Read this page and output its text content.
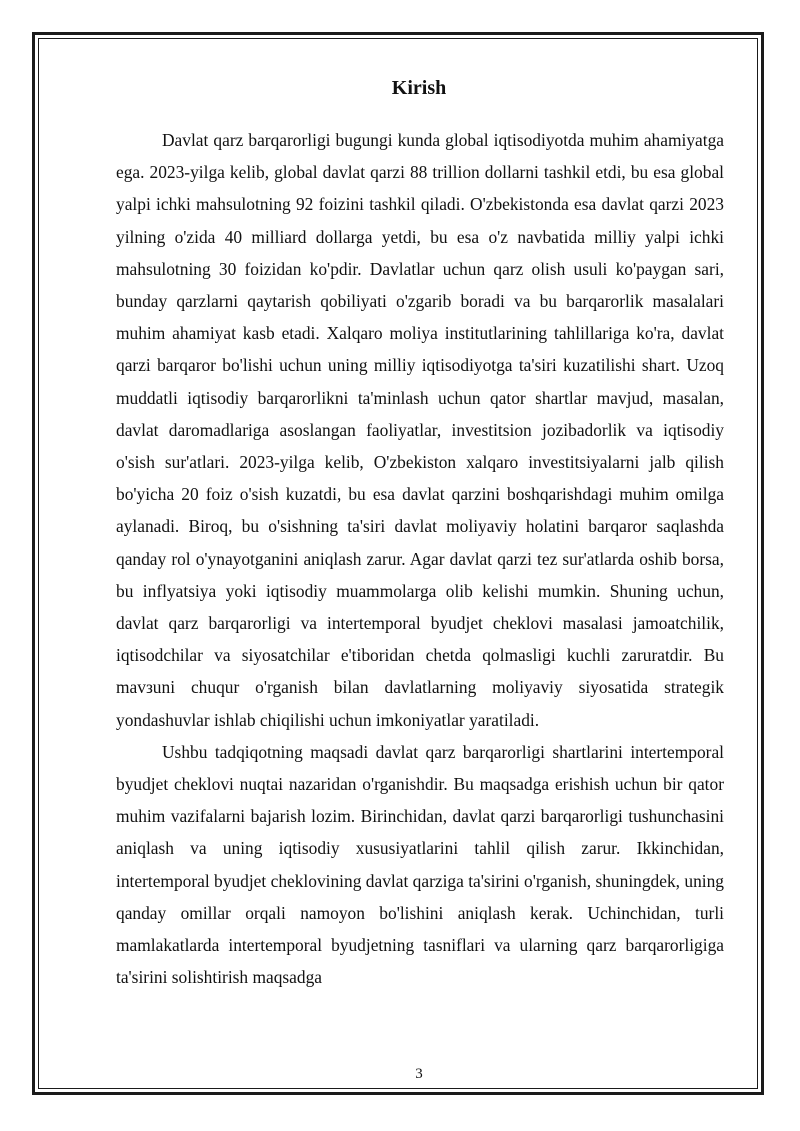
Kirish

Davlat qarz barqarorligi bugungi kunda global iqtisodiyotda muhim ahamiyatga ega. 2023-yilga kelib, global davlat qarzi 88 trillion dollarni tashkil etdi, bu esa global yalpi ichki mahsulotning 92 foizini tashkil qiladi. O'zbekistonda esa davlat qarzi 2023 yilning o'zida 40 milliard dollarga yetdi, bu esa o'z navbatida milliy yalpi ichki mahsulotning 30 foizidan ko'pdir. Davlatlar uchun qarz olish usuli ko'paygan sari, bunday qarzlarni qaytarish qobiliyati o'zgarib boradi va bu barqarorlik masalalari muhim ahamiyat kasb etadi. Xalqaro moliya institutlarining tahlillariga ko'ra, davlat qarzi barqaror bo'lishi uchun uning milliy iqtisodiyotga ta'siri kuzatilishi shart. Uzoq muddatli iqtisodiy barqarorlikni ta'minlash uchun qator shartlar mavjud, masalan, davlat daromadlariga asoslangan faoliyatlar, investitsion jozibadorlik va iqtisodiy o'sish sur'atlari. 2023-yilga kelib, O'zbekiston xalqaro investitsiyalarni jalb qilish bo'yicha 20 foiz o'sish kuzatdi, bu esa davlat qarzini boshqarishdagi muhim omilga aylanadi. Biroq, bu o'sishning ta'siri davlat moliyaviy holatini barqaror saqlashda qanday rol o'ynayotganini aniqlash zarur. Agar davlat qarzi tez sur'atlarda oshib borsa, bu inflyatsiya yoki iqtisodiy muammolarga olib kelishi mumkin. Shuning uchun, davlat qarz barqarorligi va intertemporal byudjet cheklovi masalasi jamoatchilik, iqtisodchilar va siyosatchilar e'tiboridan chetda qolmasligi kuchli zaruratdir. Bu mavзuni chuqur o'rganish bilan davlatlarning moliyaviy siyosatida strategik yondashuvlar ishlab chiqilishi uchun imkoniyatlar yaratiladi.

Ushbu tadqiqotning maqsadi davlat qarz barqarorligi shartlarini intertemporal byudjet cheklovi nuqtai nazaridan o'rganishdir. Bu maqsadga erishish uchun bir qator muhim vazifalarni bajarish lozim. Birinchidan, davlat qarzi barqarorligi tushunchasini aniqlash va uning iqtisodiy xususiyatlarini tahlil qilish zarur. Ikkinchidan, intertemporal byudjet cheklovining davlat qarziga ta'sirini o'rganish, shuningdek, uning qanday omillar orqali namoyon bo'lishini aniqlash kerak. Uchinchidan, turli mamlakatlarda intertemporal byudjetning tasniflari va ularning qarz barqarorligiga ta'sirini solishtirish maqsadga

3
